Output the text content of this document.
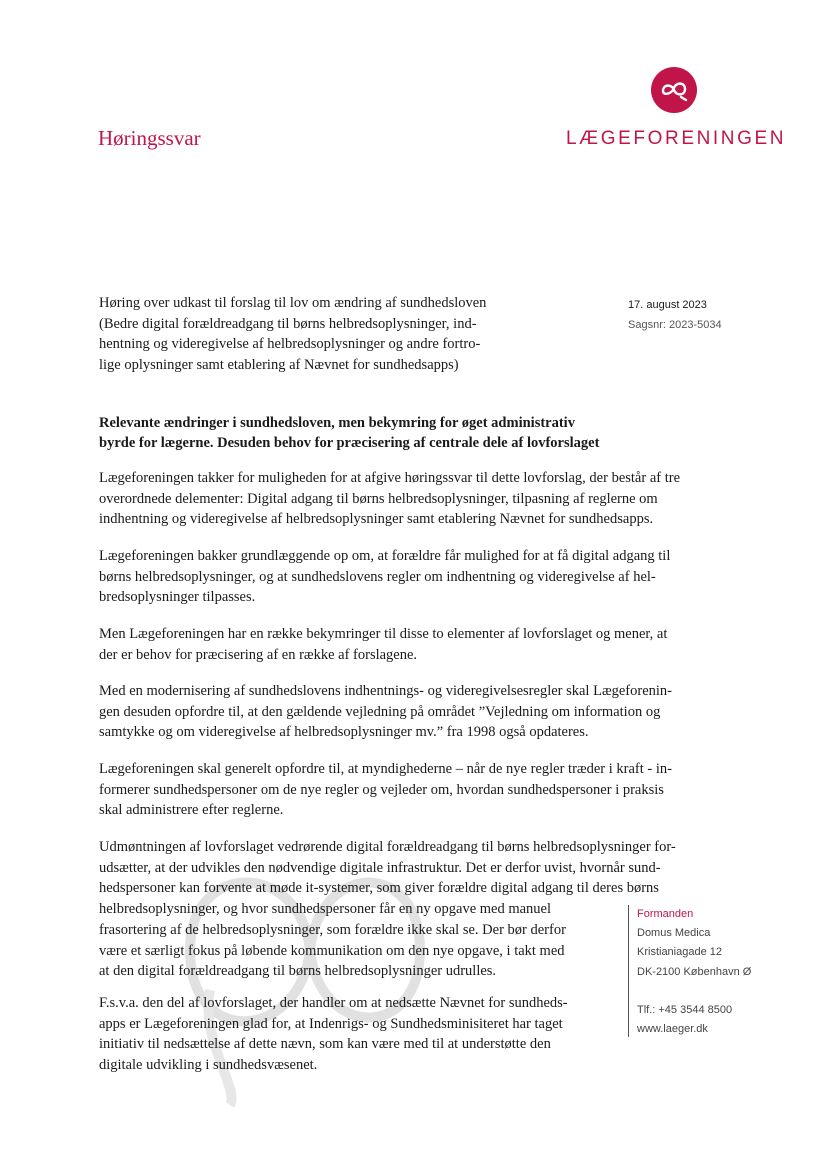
Høringssvar	LÆGEFORENINGEN
Høring over udkast til forslag til lov om ændring af sundhedsloven
(Bedre digital forældreadgang til børns helbredsoplysninger, ind-
hentning og videregivelse af helbredsoplysninger og andre fortro-
lige oplysninger samt etablering af Nævnet for sundhedsapps)
17. august 2023
Sagsnr: 2023-5034
Relevante ændringer i sundhedsloven, men bekymring for øget administrativ
byrde for lægerne. Desuden behov for præcisering af centrale dele af lovforslaget
Lægeforeningen takker for muligheden for at afgive høringssvar til dette lovforslag, der består af tre
overordnede delementer: Digital adgang til børns helbredsoplysninger, tilpasning af reglerne om
indhentning og videregivelse af helbredsoplysninger samt etablering Nævnet for sundhedsapps.
Lægeforeningen bakker grundlæggende op om, at forældre får mulighed for at få digital adgang til
børns helbredsoplysninger, og at sundhedslovens regler om indhentning og videregivelse af hel-
bredsoplysninger tilpasses.
Men Lægeforeningen har en række bekymringer til disse to elementer af lovforslaget og mener, at
der er behov for præcisering af en række af forslagene.
Med en modernisering af sundhedslovens indhentnings- og videregivelsesregler skal Lægeforenin-
gen desuden opfordre til, at den gældende vejledning på området ”Vejledning om information og
samtykke og om videregivelse af helbredsoplysninger mv.” fra 1998 også opdateres.
Lægeforeningen skal generelt opfordre til, at myndighederne – når de nye regler træder i kraft - in-
formerer sundhedspersoner om de nye regler og vejleder om, hvordan sundhedspersoner i praksis
skal administrere efter reglerne.
Udmøntningen af lovforslaget vedrørende digital forældreadgang til børns helbredsoplysninger for-
udsætter, at der udvikles den nødvendige digitale infrastruktur. Det er derfor uvist, hvornår sund-
hedspersoner kan forvente at møde it-systemer, som giver forældre digital adgang til deres børns
helbredsoplysninger, og hvor sundhedspersoner får en ny opgave med manuel
frasortering af de helbredsoplysninger, som forældre ikke skal se. Der bør derfor
være et særligt fokus på løbende kommunikation om den nye opgave, i takt med
at den digital forældreadgang til børns helbredsoplysninger udrulles.
F.s.v.a. den del af lovforslaget, der handler om at nedsætte Nævnet for sundheds-
apps er Lægeforeningen glad for, at Indenrigs- og Sundhedsminisiteret har taget
initiativ til nedsættelse af dette nævn, som kan være med til at understøtte den
digitale udvikling i sundhedsvæsenet.
Formanden
Domus Medica
Kristianiagade 12
DK-2100 København Ø
Tlf.: +45 3544 8500
www.laeger.dk
